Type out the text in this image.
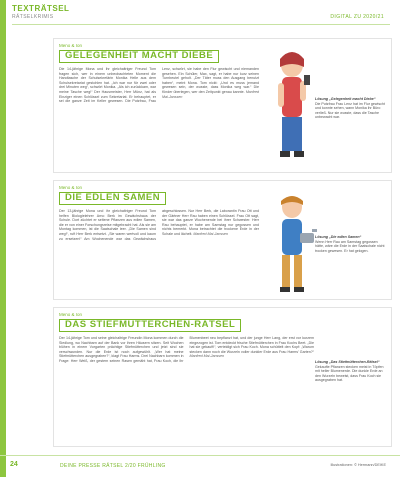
TEXTRÄTSEL
RÄTSELKRIMIS	DIGITAL ZU 2020/21
Meno & Ion
GELEGENHEIT MACHT DIEBE
Die 14-jährige Mona und ihr gleichaltriger Freund Tom fragen sich, wer in einem unbeobachteten Moment die Handtasche der Schulsekretärin Monika Helle aus dem Schulsekretariat gestohlen hat. „Ich war nur für zwei oder drei Minuten weg“, schwört Monika. „Als ich zurückkam, war meine Tasche weg!“ Der Hausmeister, Herr Münz, hat als Einziger einen Schlüssel zum Sekretariat. Er behauptet, er sei die ganze Zeit im Keller gewesen. Die Putzfrau, Frau Lenz, schwört, sie habe den Flur gewischt und niemanden gesehen. Ein Schüler, Max, sagt, er habe nur kurz seinen Turnbeutel geholt. „Der Täter muss den Ausgang benutzt haben“, meint Mona. Tom nickt: „Und es muss jemand gewesen sein, der wusste, dass Monika weg war.“ Die Kinder überlegen, wer den Zeitpunkt genau kannte. Manfred Mai-Janssen
Lösung „Gelegenheit macht Diebe“
Die Putzfrau Frau Lenz hat im Flur gewischt und konnte sehen, wann Monika ihr Büro verließ. Nur sie wusste, dass die Tasche unbewacht war.
Meno & Ion
DIE EDLEN SAMEN
Der 13-jährige Mona und ihr gleichaltriger Freund Tom helfen Biologielehrer Arno Berk im Gewächshaus der Schule. Dort züchtet er seltene Pflanzen aus edlen Samen, die er von einer Forschungsreise mitgebracht hat. Als sie am Montag kommen, ist die Saatschale leer. „Die Samen sind weg!“, ruft Herr Berk entsetzt. „Sie waren wertvoll und kaum zu ersetzen!“ Am Wochenende war das Gewächshaus abgeschlossen. Nur Herr Berk, die Laborantin Frau Ott und der Gärtner Herr Rau haben einen Schlüssel. Frau Ott sagt, sie war das ganze Wochenende bei ihrer Schwester. Herr Rau behauptet, er habe am Samstag nur gegossen und nichts bemerkt. Mona betrachtet die trockene Erde in der Schale und lächelt. Manfred Mai-Janssen
Lösung „Die edlen Samen“
Wenn Herr Rau am Samstag gegossen hätte, wäre die Erde in der Saatschale nicht trocken gewesen. Er hat gelogen.
Meno & Ion
DAS STIEFMÜTTERCHEN-RÄTSEL
Der 14-jährige Tom und seine gleichaltrige Freundin Mona kommen durch die Siedlung, wo Nachbarn auf der Bank vor ihren Häusern sitzen. Seit Wochen blühen in einem Vorgarten prächtige Stiefmütterchen und jetzt sind sie verschwunden. Nur die Erde ist noch aufgewühlt. „Wer hat meine Stiefmütterchen ausgegraben?“, klagt Frau Harms. Drei Nachbarn kommen in Frage: Herr Weiß, der gestern seinen Rasen gemäht hat, Frau Koch, die ihr Blumenbeet neu bepflanzt hat, und der junge Herr Lang, der erst vor kurzem eingezogen ist. Tom entdeckt frische Stiefmütterchen in Frau Kochs Beet. „Die hat sie gekauft!“, verteidigt sich Frau Koch. Mona schüttelt den Kopf: „Warum stecken dann noch die Wurzeln voller dunkler Erde aus Frau Harms’ Garten?“ Manfred Mai-Janssen
Lösung „Das Stiefmütterchen-Rätsel“
Gekaufte Pflanzen stecken meist in Töpfen mit heller Blumenerde. Die dunkle Erde an den Wurzeln beweist, dass Frau Koch sie ausgegraben hat.
24	DEINE PRESSE RÄTSEL 2/20 FRÜHLING	Illustrationen: © Hermann/DEIKE
